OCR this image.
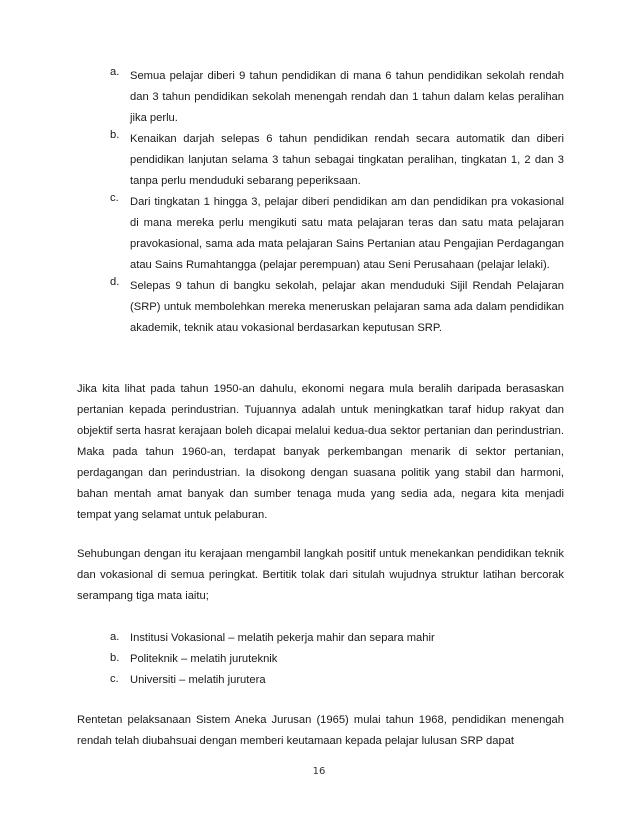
a. Semua pelajar diberi 9 tahun pendidikan di mana 6 tahun pendidikan sekolah rendah dan 3 tahun pendidikan sekolah menengah rendah dan 1 tahun dalam kelas peralihan jika perlu.
b. Kenaikan darjah selepas 6 tahun pendidikan rendah secara automatik dan diberi pendidikan lanjutan selama 3 tahun sebagai tingkatan peralihan, tingkatan 1, 2 dan 3 tanpa perlu menduduki sebarang peperiksaan.
c. Dari tingkatan 1 hingga 3, pelajar diberi pendidikan am dan pendidikan pra vokasional di mana mereka perlu mengikuti satu mata pelajaran teras dan satu mata pelajaran pravokasional, sama ada mata pelajaran Sains Pertanian atau Pengajian Perdagangan atau Sains Rumahtangga (pelajar perempuan) atau Seni Perusahaan (pelajar lelaki).
d. Selepas 9 tahun di bangku sekolah, pelajar akan menduduki Sijil Rendah Pelajaran (SRP) untuk membolehkan mereka meneruskan pelajaran sama ada dalam pendidikan akademik, teknik atau vokasional berdasarkan keputusan SRP.
Jika kita lihat pada tahun 1950-an dahulu, ekonomi negara mula beralih daripada berasaskan pertanian kepada perindustrian. Tujuannya adalah untuk meningkatkan taraf hidup rakyat dan objektif serta hasrat kerajaan boleh dicapai melalui kedua-dua sektor pertanian dan perindustrian. Maka pada tahun 1960-an, terdapat banyak perkembangan menarik di sektor pertanian, perdagangan dan perindustrian. Ia disokong dengan suasana politik yang stabil dan harmoni, bahan mentah amat banyak dan sumber tenaga muda yang sedia ada, negara kita menjadi tempat yang selamat untuk pelaburan.
Sehubungan dengan itu kerajaan mengambil langkah positif untuk menekankan pendidikan teknik dan vokasional di semua peringkat. Bertitik tolak dari situlah wujudnya struktur latihan bercorak serampang tiga mata iaitu;
a. Institusi Vokasional – melatih pekerja mahir dan separa mahir
b. Politeknik – melatih juruteknik
c. Universiti – melatih jurutera
Rentetan pelaksanaan Sistem Aneka Jurusan (1965) mulai tahun 1968, pendidikan menengah rendah telah diubahsuai dengan memberi keutamaan kepada pelajar lulusan SRP dapat
16
